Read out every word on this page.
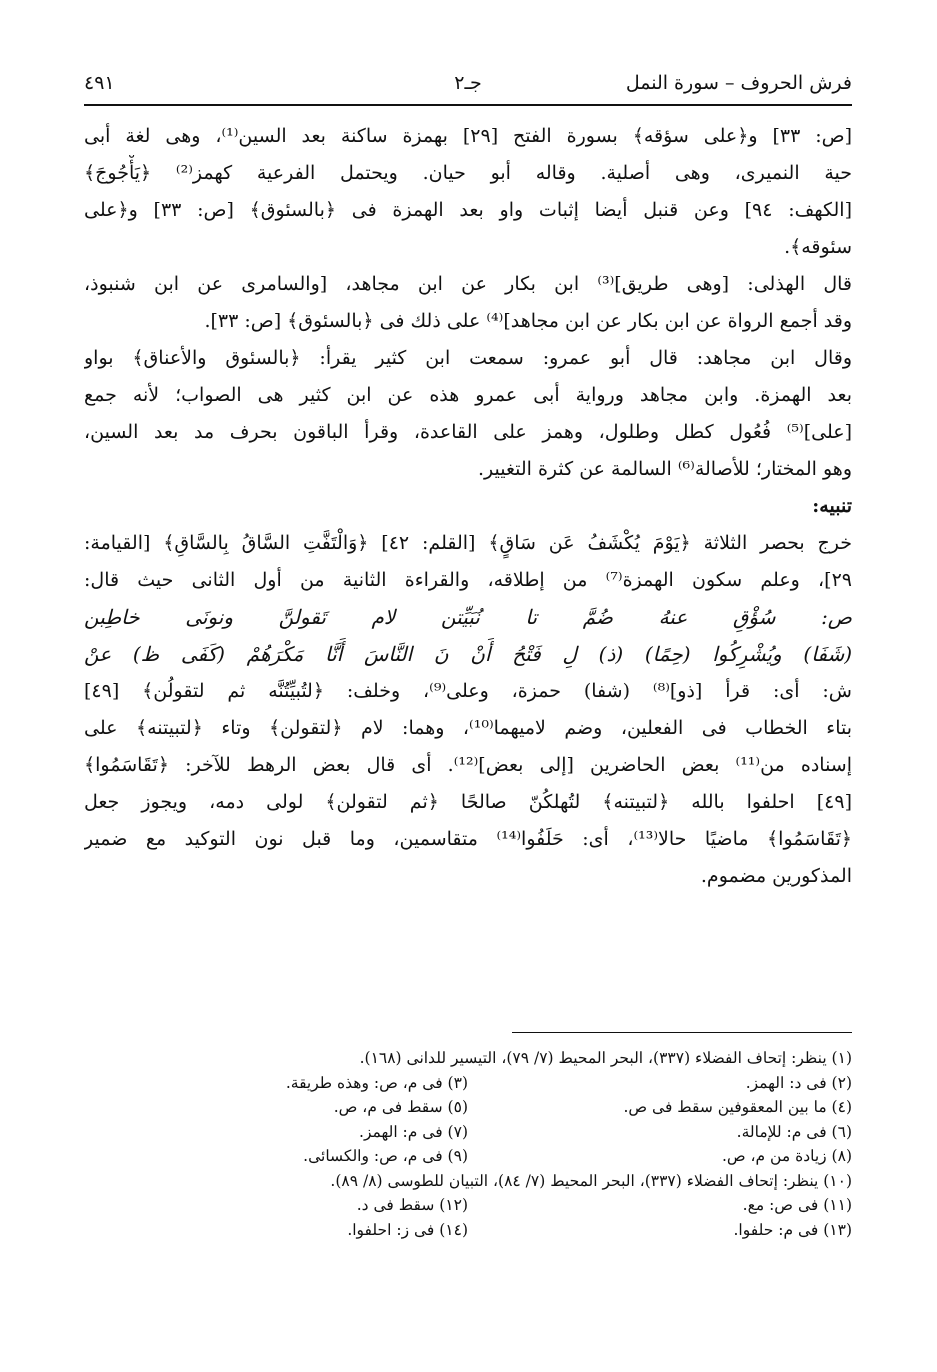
فرش الحروف – سورة النمل
جـ٢
٤٩١
[ص: ٣٣] و﴿على سؤقه﴾ بسورة الفتح [٢٩] بهمزة ساكنة بعد السين⁽¹⁾، وهى لغة أبى
حية النميرى، وهى أصلية. وقاله أبو حيان. ويحتمل الفرعية كهمز⁽²⁾ ﴿يَأْجُوجَ﴾
[الكهف: ٩٤] وعن قنبل أيضا إثبات واو بعد الهمزة فى ﴿بالسئوق﴾ [ص: ٣٣] و﴿على
سئوقه﴾.
قال الهذلى: [وهى طريق]⁽³⁾ ابن بكار عن ابن مجاهد، [والسامرى عن ابن شنبوذ،
وقد أجمع الرواة عن ابن بكار عن ابن مجاهد]⁽⁴⁾ على ذلك فى ﴿بالسئوق﴾ [ص: ٣٣].
وقال ابن مجاهد: قال أبو عمرو: سمعت ابن كثير يقرأ: ﴿بالسئوق والأعناق﴾ بواو
بعد الهمزة. وابن مجاهد ورواية أبى عمرو هذه عن ابن كثير هى الصواب؛ لأنه جمع
[على]⁽⁵⁾ فُعُول كطل وطلول، وهمز على القاعدة، وقرأ الباقون بحرف مد بعد السين،
وهو المختار؛ للأصالة⁽⁶⁾ السالمة عن كثرة التغيير.
تنبيه:
خرج بحصر الثلاثة ﴿يَوْمَ يُكْشَفُ عَن سَاقٍ﴾ [القلم: ٤٢] ﴿وَالْتَفَّتِ السَّاقُ بِالسَّاقِ﴾ [القيامة:
٢٩]، وعلم سكون الهمزة⁽⁷⁾ من إطلاقه، والقراءة الثانية من أول الثانى حيث قال:
ص: سُؤْقِ عنهُ ضُمَّ تا نُبَيِّتن لام تَقولنَّ ونونَى خاطِبن
(شَفَا) ويُشْرِكُوا (حِمًا) (ذ) لِ فَتْحُ أَنْ نَ النَّاسَ أَنَّا مَكْرَهُمْ (كَفَى ظ) عنْ
ش: أى: قرأ [ذو]⁽⁸⁾ (شفا) حمزة، وعلى⁽⁹⁾، وخلف: ﴿لتُبيِّتُنَّه ثم لتقولُن﴾ [٤٩]
بتاء الخطاب فى الفعلين، وضم لاميهما⁽¹⁰⁾، وهما: لام ﴿لتقولن﴾ وتاء ﴿لتبيتنه﴾ على
إسناده من⁽¹¹⁾ بعض الحاضرين [إلى بعض]⁽¹²⁾. أى قال بعض الرهط للآخر: ﴿تَقَاسَمُوا﴾
[٤٩] احلفوا بالله ﴿لتبيتنه﴾ لتُهلكُنّ صالحًا ﴿ثم لتقولن﴾ لولى دمه، ويجوز جعل
﴿تَقَاسَمُوا﴾ ماضيًا حالا⁽¹³⁾، أى: حَلَفُوا⁽¹⁴⁾ متقاسمين، وما قبل نون التوكيد مع ضمير
المذكورين مضموم.
(١) ينظر: إتحاف الفضلاء (٣٣٧)، البحر المحيط (٧/ ٧٩)، التيسير للدانى (١٦٨).
(٢) فى د: الهمز.
(٣) فى م، ص: وهذه طريقة.
(٤) ما بين المعقوفين سقط فى ص.
(٥) سقط فى م، ص.
(٦) فى م: للإمالة.
(٧) فى م: الهمز.
(٨) زيادة من م، ص.
(٩) فى م، ص: والكسائى.
(١٠) ينظر: إتحاف الفضلاء (٣٣٧)، البحر المحيط (٧/ ٨٤)، التبيان للطوسى (٨/ ٨٩).
(١١) فى ص: مع.
(١٢) سقط فى د.
(١٣) فى م: حلفوا.
(١٤) فى ز: احلفوا.
